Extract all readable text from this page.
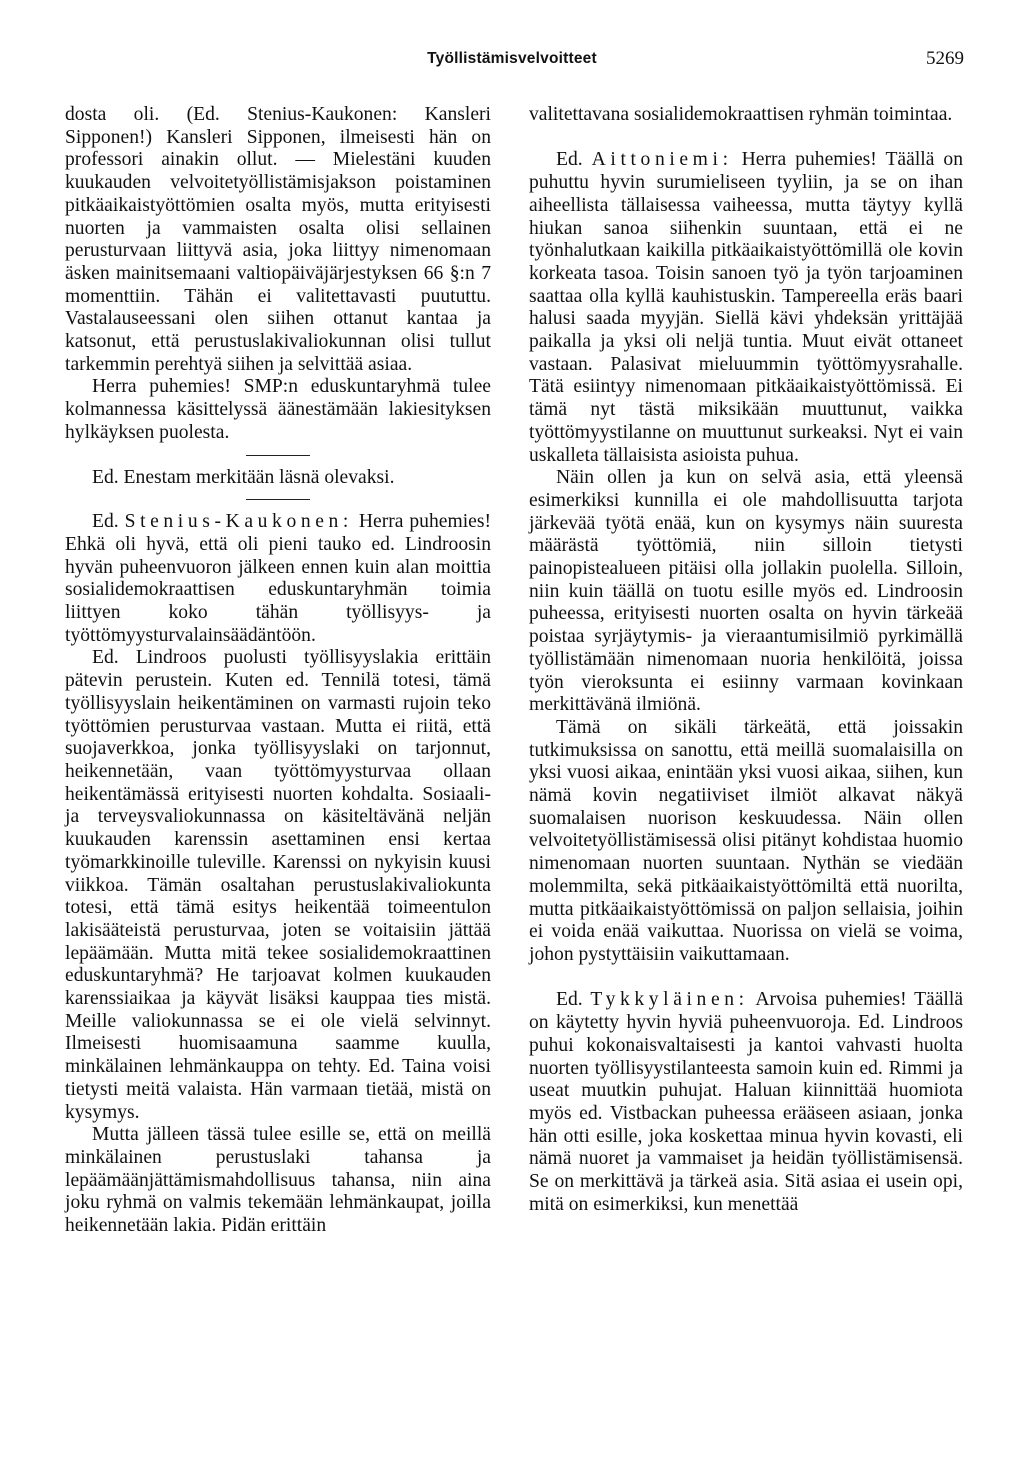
Työllistämisvelvoitteet	5269

dosta oli. (Ed. Stenius-Kaukonen: Kansleri Sipponen!) Kansleri Sipponen, ilmeisesti hän on professori ainakin ollut. — Mielestäni kuuden kuukauden velvoitetyöllistämisjakson poistaminen pitkäaikaistyöttömien osalta myös, mutta erityisesti nuorten ja vammaisten osalta olisi sellainen perusturvaan liittyvä asia, joka liittyy nimenomaan äsken mainitsemaani valtiopäiväjärjestyksen 66 §:n 7 momenttiin. Tähän ei valitettavasti puututtu. Vastalauseessani olen siihen ottanut kantaa ja katsonut, että perustuslakivaliokunnan olisi tullut tarkemmin perehtyä siihen ja selvittää asiaa.

Herra puhemies! SMP:n eduskuntaryhmä tulee kolmannessa käsittelyssä äänestämään lakiesityksen hylkäyksen puolesta.

Ed. Enestam merkitään läsnä olevaksi.

Ed. Stenius-Kaukonen: Herra puhemies! Ehkä oli hyvä, että oli pieni tauko ed. Lindroosin hyvän puheenvuoron jälkeen ennen kuin alan moittia sosialidemokraattisen eduskuntaryhmän toimia liittyen koko tähän työllisyys- ja työttömyysturvalainsäädäntöön.

Ed. Lindroos puolusti työllisyyslakia erittäin pätevin perustein. Kuten ed. Tennilä totesi, tämä työllisyyslain heikentäminen on varmasti rujoin teko työttömien perusturvaa vastaan. Mutta ei riitä, että suojaverkkoa, jonka työllisyyslaki on tarjonnut, heikennetään, vaan työttömyysturvaa ollaan heikentämässä erityisesti nuorten kohdalta. Sosiaali- ja terveysvaliokunnassa on käsiteltävänä neljän kuukauden karenssin asettaminen ensi kertaa työmarkkinoille tuleville. Karenssi on nykyisin kuusi viikkoa. Tämän osaltahan perustuslakivaliokunta totesi, että tämä esitys heikentää toimeentulon lakisääteistä perusturvaa, joten se voitaisiin jättää lepäämään. Mutta mitä tekee sosialidemokraattinen eduskuntaryhmä? He tarjoavat kolmen kuukauden karenssiaikaa ja käyvät lisäksi kauppaa ties mistä. Meille valiokunnassa se ei ole vielä selvinnyt. Ilmeisesti huomisaamuna saamme kuulla, minkälainen lehmänkauppa on tehty. Ed. Taina voisi tietysti meitä valaista. Hän varmaan tietää, mistä on kysymys.

Mutta jälleen tässä tulee esille se, että on meillä minkälainen perustuslaki tahansa ja lepäämäänjättämismahdollisuus tahansa, niin aina joku ryhmä on valmis tekemään lehmänkaupat, joilla heikennetään lakia. Pidän erittäin

valitettavana sosialidemokraattisen ryhmän toimintaa.

Ed. Aittoniemi: Herra puhemies! Täällä on puhuttu hyvin surumieliseen tyyliin, ja se on ihan aiheellista tällaisessa vaiheessa, mutta täytyy kyllä hiukan sanoa siihenkin suuntaan, että ei ne työnhalutkaan kaikilla pitkäaikaistyöttömillä ole kovin korkeata tasoa. Toisin sanoen työ ja työn tarjoaminen saattaa olla kyllä kauhistuskin. Tampereella eräs baari halusi saada myyjän. Siellä kävi yhdeksän yrittäjää paikalla ja yksi oli neljä tuntia. Muut eivät ottaneet vastaan. Palasivat mieluummin työttömyysrahalle. Tätä esiintyy nimenomaan pitkäaikaistyöttömissä. Ei tämä nyt tästä miksikään muuttunut, vaikka työttömyystilanne on muuttunut surkeaksi. Nyt ei vain uskalleta tällaisista asioista puhua.

Näin ollen ja kun on selvä asia, että yleensä esimerkiksi kunnilla ei ole mahdollisuutta tarjota järkevää työtä enää, kun on kysymys näin suuresta määrästä työttömiä, niin silloin tietysti painopistealueen pitäisi olla jollakin puolella. Silloin, niin kuin täällä on tuotu esille myös ed. Lindroosin puheessa, erityisesti nuorten osalta on hyvin tärkeää poistaa syrjäytymis- ja vieraantumisilmiö pyrkimällä työllistämään nimenomaan nuoria henkilöitä, joissa työn vieroksunta ei esiinny varmaan kovinkaan merkittävänä ilmiönä.

Tämä on sikäli tärkeätä, että joissakin tutkimuksissa on sanottu, että meillä suomalaisilla on yksi vuosi aikaa, enintään yksi vuosi aikaa, siihen, kun nämä kovin negatiiviset ilmiöt alkavat näkyä suomalaisen nuorison keskuudessa. Näin ollen velvoitetyöllistämisessä olisi pitänyt kohdistaa huomio nimenomaan nuorten suuntaan. Nythän se viedään molemmilta, sekä pitkäaikaistyöttömiltä että nuorilta, mutta pitkäaikaistyöttömissä on paljon sellaisia, joihin ei voida enää vaikuttaa. Nuorissa on vielä se voima, johon pystyttäisiin vaikuttamaan.

Ed. Tykkyläinen: Arvoisa puhemies! Täällä on käytetty hyvin hyviä puheenvuoroja. Ed. Lindroos puhui kokonaisvaltaisesti ja kantoi vahvasti huolta nuorten työllisyystilanteesta samoin kuin ed. Rimmi ja useat muutkin puhujat. Haluan kiinnittää huomiota myös ed. Vistbackan puheessa erääseen asiaan, jonka hän otti esille, joka koskettaa minua hyvin kovasti, eli nämä nuoret ja vammaiset ja heidän työllistämisensä. Se on merkittävä ja tärkeä asia. Sitä asiaa ei usein opi, mitä on esimerkiksi, kun menettää
